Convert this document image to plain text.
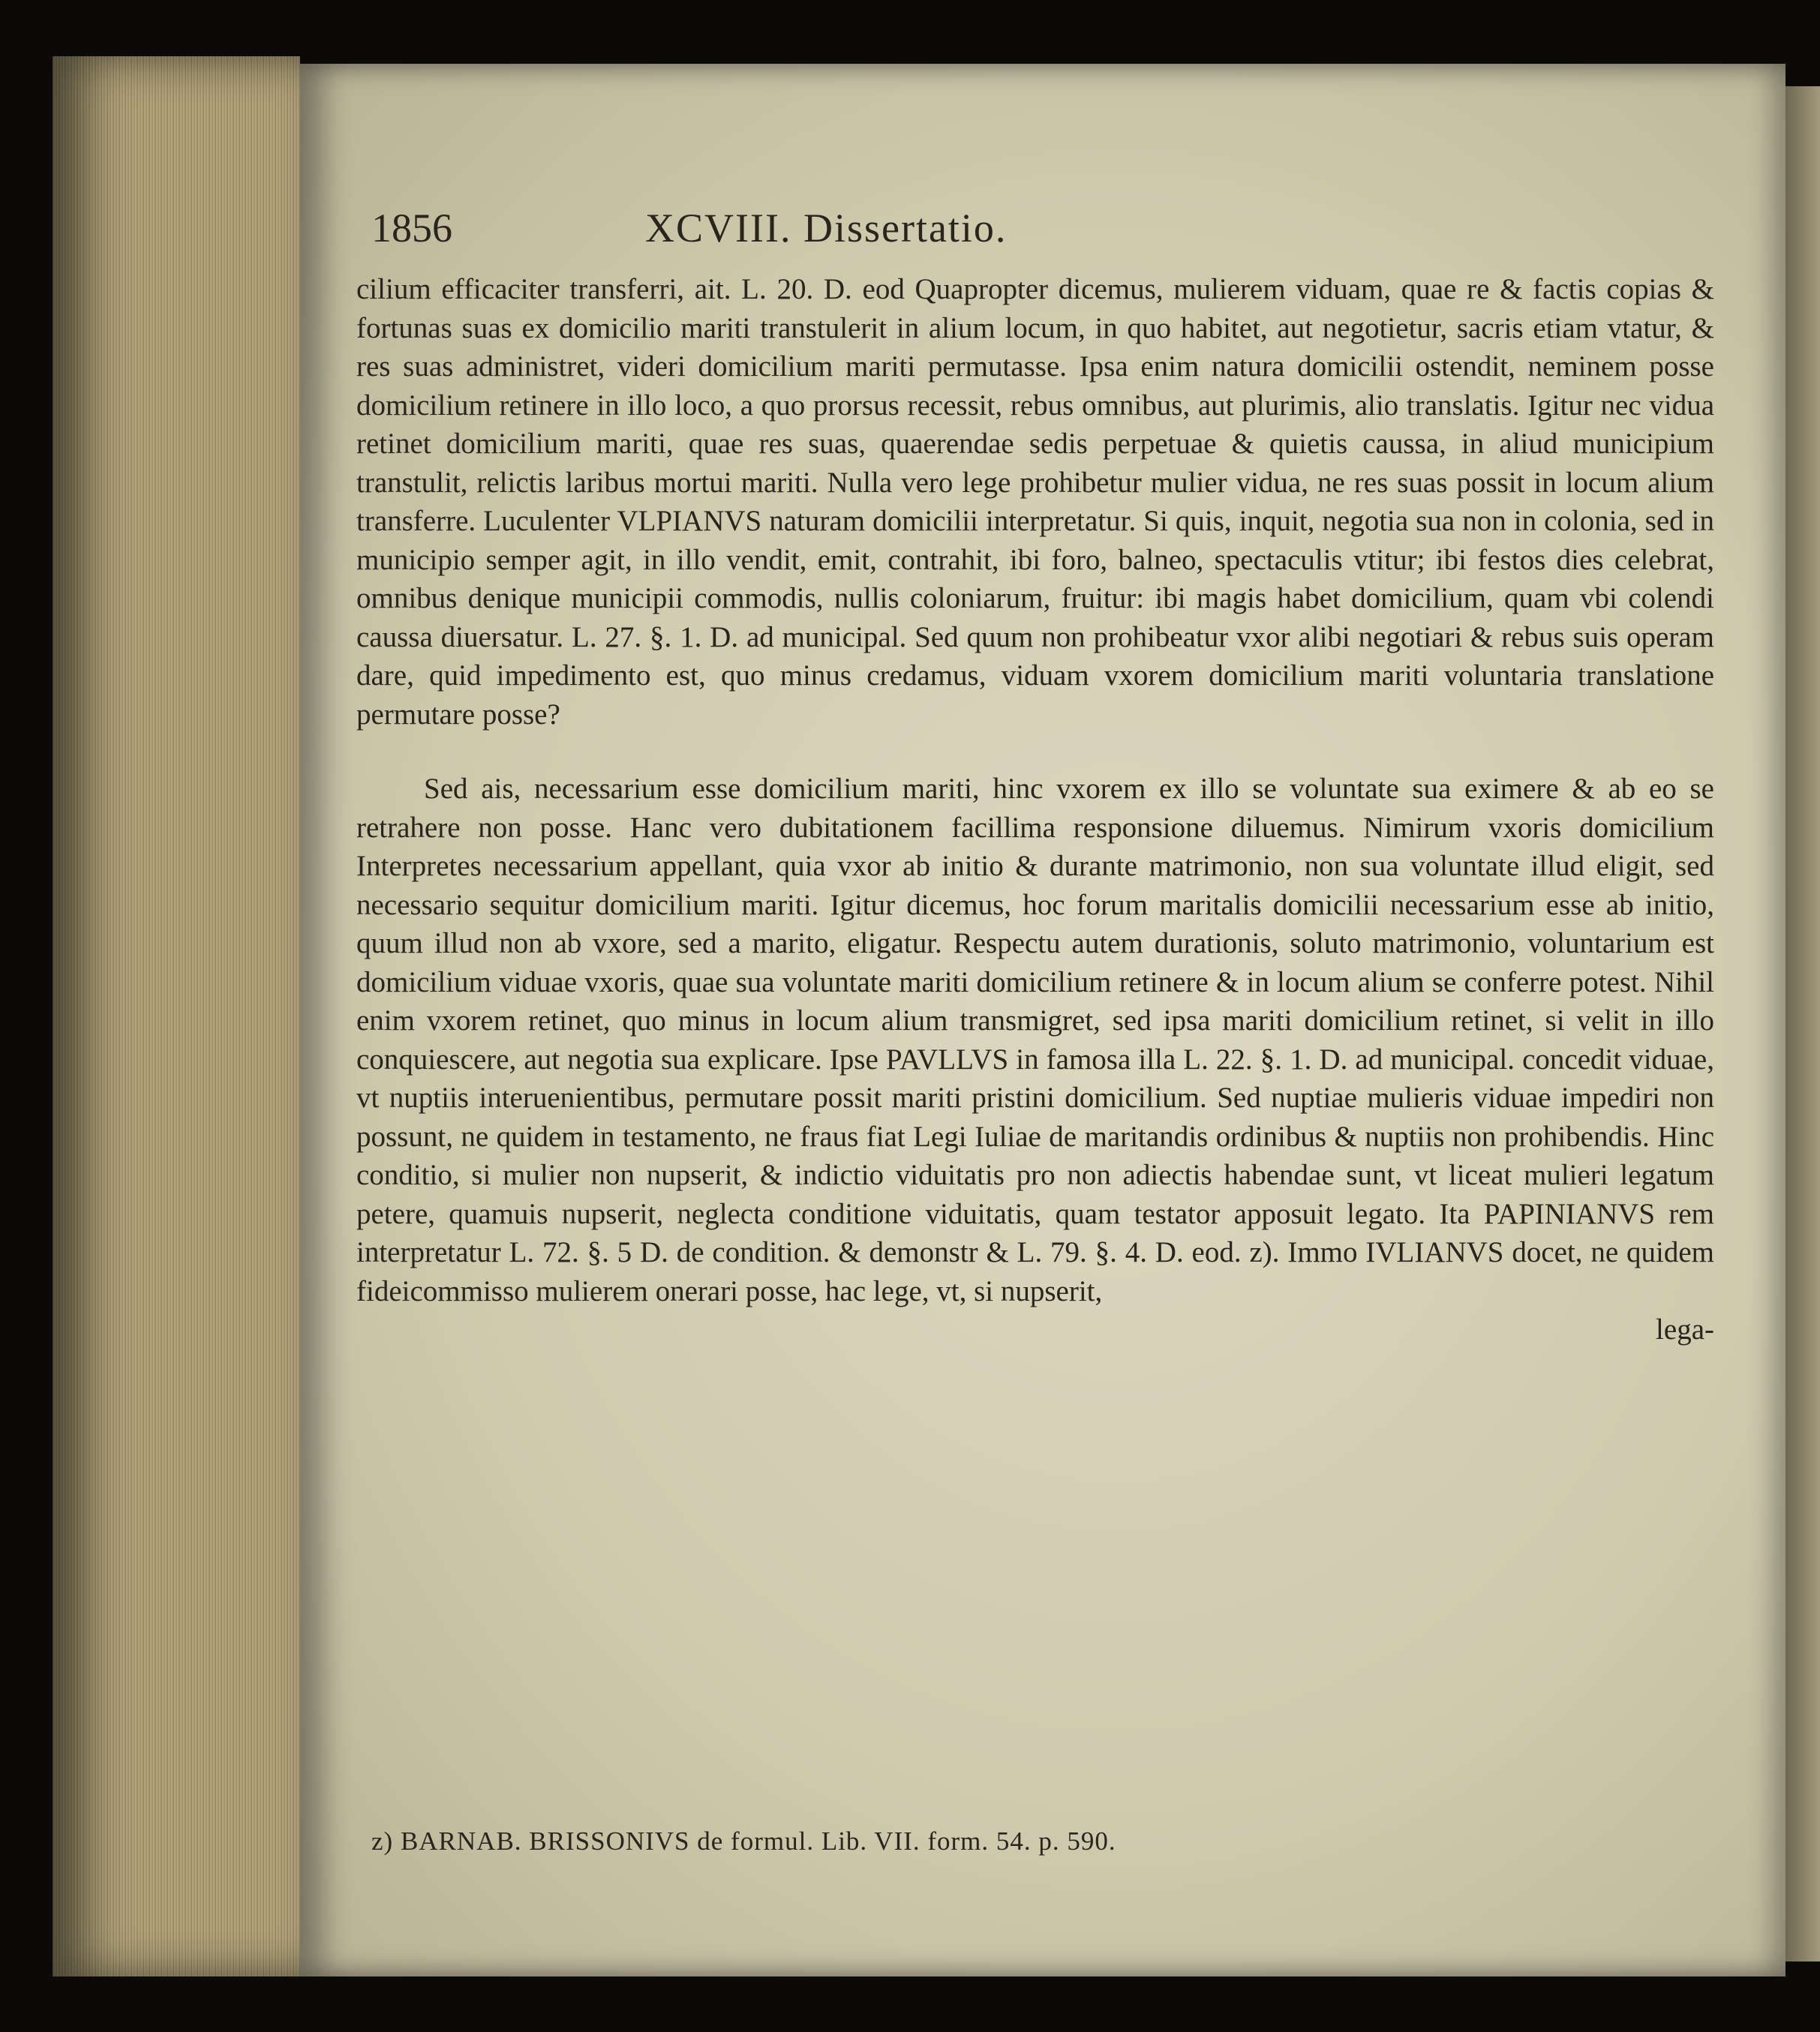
1856	XCVIII. Dissertatio.

cilium efficaciter transferri, ait. L. 20. D. eod Quapropter dicemus, mulierem viduam, quae re & factis copias & fortunas suas ex domicilio mariti transtulerit in alium locum, in quo habitet, aut negotietur, sacris etiam vtatur, & res suas administret, videri domicilium mariti permutasse. Ipsa enim natura domicilii ostendit, neminem posse domicilium retinere in illo loco, a quo prorsus recessit, rebus omnibus, aut plurimis, alio translatis. Igitur nec vidua retinet domicilium mariti, quae res suas, quaerendae sedis perpetuae & quietis caussa, in aliud municipium transtulit, relictis laribus mortui mariti. Nulla vero lege prohibetur mulier vidua, ne res suas possit in locum alium transferre. Luculenter VLPIANVS naturam domicilii interpretatur. Si quis, inquit, negotia sua non in colonia, sed in municipio semper agit, in illo vendit, emit, contrahit, ibi foro, balneo, spectaculis vtitur; ibi festos dies celebrat, omnibus denique municipii commodis, nullis coloniarum, fruitur: ibi magis habet domicilium, quam vbi colendi caussa diuersatur. L. 27. §. 1. D. ad municipal. Sed quum non prohibeatur vxor alibi negotiari & rebus suis operam dare, quid impedimento est, quo minus credamus, viduam vxorem domicilium mariti voluntaria translatione permutare posse?

Sed ais, necessarium esse domicilium mariti, hinc vxorem ex illo se voluntate sua eximere & ab eo se retrahere non posse. Hanc vero dubitationem facillima responsione diluemus. Nimirum vxoris domicilium Interpretes necessarium appellant, quia vxor ab initio & durante matrimonio, non sua voluntate illud eligit, sed necessario sequitur domicilium mariti. Igitur dicemus, hoc forum maritalis domicilii necessarium esse ab initio, quum illud non ab vxore, sed a marito, eligatur. Respectu autem durationis, soluto matrimonio, voluntarium est domicilium viduae vxoris, quae sua voluntate mariti domicilium retinere & in locum alium se conferre potest. Nihil enim vxorem retinet, quo minus in locum alium transmigret, sed ipsa mariti domicilium retinet, si velit in illo conquiescere, aut negotia sua explicare. Ipse PAVLLVS in famosa illa L. 22. §. 1. D. ad municipal. concedit viduae, vt nuptiis interuenientibus, permutare possit mariti pristini domicilium. Sed nuptiae mulieris viduae impediri non possunt, ne quidem in testamento, ne fraus fiat Legi Iuliae de maritandis ordinibus & nuptiis non prohibendis. Hinc conditio, si mulier non nupserit, & indictio viduitatis pro non adiectis habendae sunt, vt liceat mulieri legatum petere, quamuis nupserit, neglecta conditione viduitatis, quam testator apposuit legato. Ita PAPINIANVS rem interpretatur L. 72. §. 5 D. de condition. & demonstr & L. 79. §. 4. D. eod. z). Immo IVLIANVS docet, ne quidem fideicommisso mulierem onerari posse, hac lege, vt, si nupserit,

lega-
z) BARNAB. BRISSONIVS de formul. Lib. VII. form. 54. p. 590.
